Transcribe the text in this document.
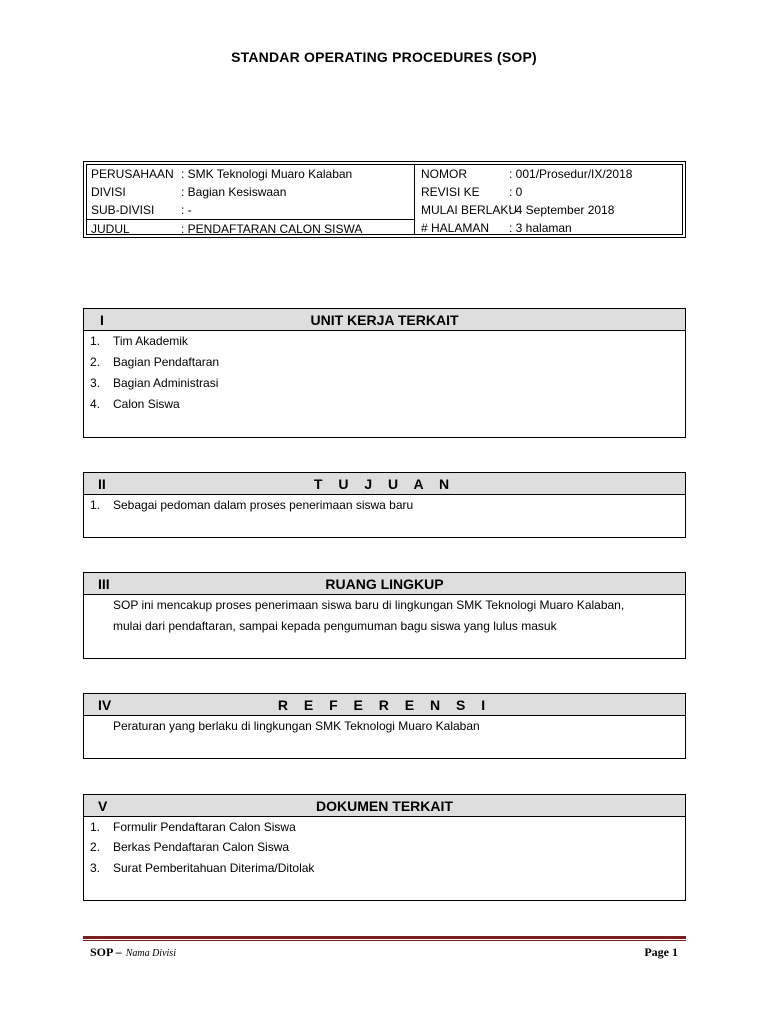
STANDAR OPERATING PROCEDURES (SOP)
PERUSAHAAN : SMK Teknologi Muaro Kalaban
DIVISI	: Bagian Kesiswaan
SUB-DIVISI : -
JUDUL	: PENDAFTARAN CALON SISWA
NOMOR	: 001/Prosedur/IX/2018
REVISI KE : 0
MULAI BERLAKU
: 4 September 2018
# HALAMAN : 3 halaman
UNIT KERJA TERKAIT
I
1. Tim Akademik
2. Bagian Pendaftaran
3. Bagian Administrasi
4. Calon Siswa
T U J U A N
II
1. Sebagai pedoman dalam proses penerimaan siswa baru
RUANG LINGKUP
III
SOP ini mencakup proses penerimaan siswa baru di lingkungan SMK Teknologi Muaro Kalaban,
mulai dari pendaftaran, sampai kepada pengumuman bagu siswa yang lulus masuk
R E F E R E N S I
IV
Peraturan yang berlaku di lingkungan SMK Teknologi Muaro Kalaban
DOKUMEN TERKAIT
V
1. Formulir Pendaftaran Calon Siswa
2. Berkas Pendaftaran Calon Siswa
3. Surat Pemberitahuan Diterima/Ditolak
SOP – Nama Divisi	Page 1
